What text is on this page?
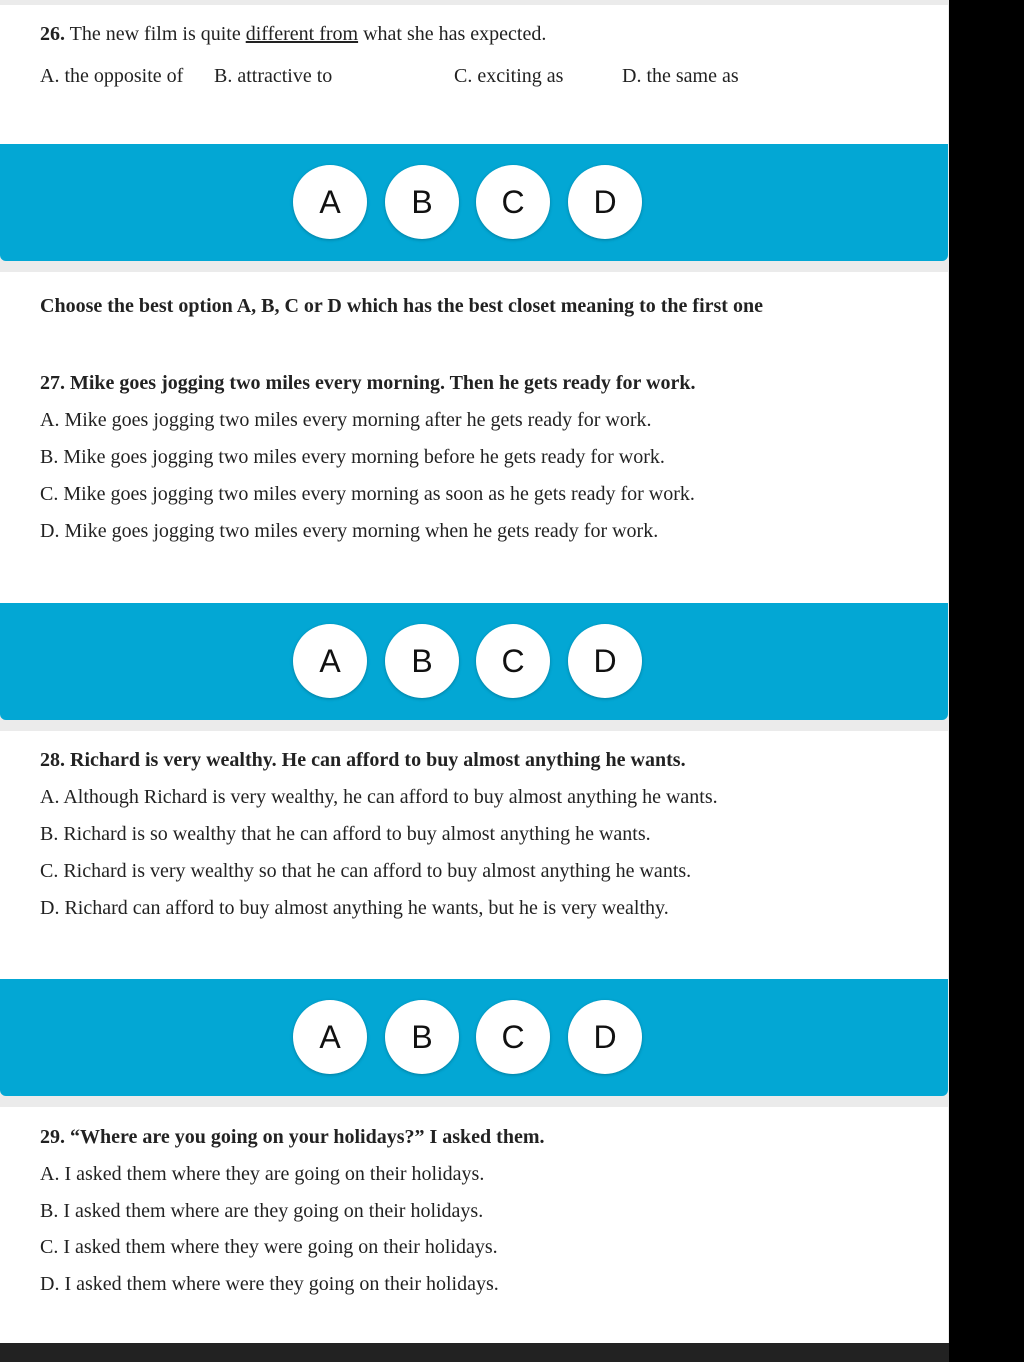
26. The new film is quite different from what she has expected.
A. the opposite of B. attractive to	C. exciting as	D. the same as
A	B	C	D
Choose the best option A, B, C or D which has the best closet meaning to the first one
27. Mike goes jogging two miles every morning. Then he gets ready for work.
A. Mike goes jogging two miles every morning after he gets ready for work.
B. Mike goes jogging two miles every morning before he gets ready for work.
C. Mike goes jogging two miles every morning as soon as he gets ready for work.
D. Mike goes jogging two miles every morning when he gets ready for work.
A	B	C	D
28. Richard is very wealthy. He can afford to buy almost anything he wants.
A. Although Richard is very wealthy, he can afford to buy almost anything he wants.
B. Richard is so wealthy that he can afford to buy almost anything he wants.
C. Richard is very wealthy so that he can afford to buy almost anything he wants.
D. Richard can afford to buy almost anything he wants, but he is very wealthy.
A	B	C	D
29. “Where are you going on your holidays?” I asked them.
A. I asked them where they are going on their holidays.
B. I asked them where are they going on their holidays.
C. I asked them where they were going on their holidays.
D. I asked them where were they going on their holidays.
